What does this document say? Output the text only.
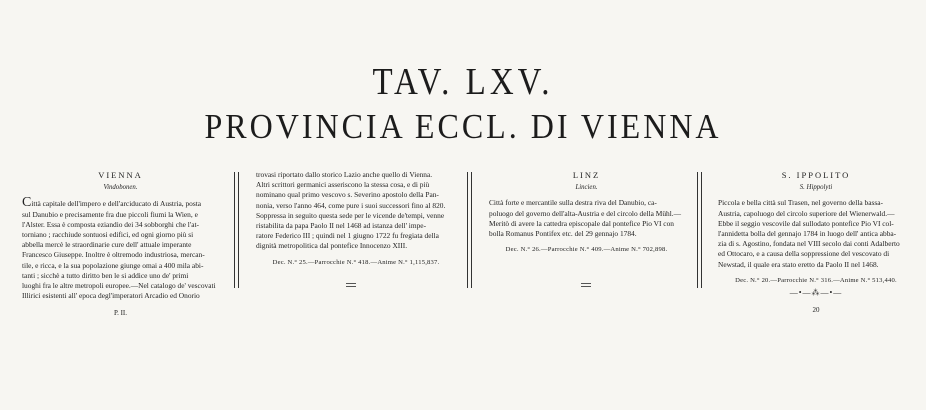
TAV. LXV.
PROVINCIA ECCL. DI VIENNA
VIENNA
Vindobonen.

Città capitale dell'impero e dell'arciducato di Austria, posta
sul Danubio e precisamente fra due piccoli fiumi la Wien, e
l'Alster. Essa è composta eziandio dei 34 sobborghi che l'at-
torniano ; racchiude sontuosi edifici, ed ogni giorno più si
abbella mercè le straordinarie cure dell' attuale imperante
Francesco Giuseppe. Inoltre è oltremodo industriosa, mercan-
tile, e ricca, e la sua popolazione giunge omai a 400 mila abi-
tanti ; sicchè a tutto diritto ben le si addice uno de' primi
luoghi fra le altre metropoli europee.—Nel catalogo de' vescovati
Illirici esistenti all' epoca degl'imperatori Arcadio ed Onorio

P. II.

trovasi riportato dallo storico Lazio anche quello di Vienna.
Altri scrittori germanici asseriscono la stessa cosa, e di più
nominano qual primo vescovo s. Severino apostolo della Pan-
nonia, verso l'anno 464, come pure i suoi successori fino al 820.
Soppressa in seguito questa sede per le vicende de'tempi, venne
ristabilita da papa Paolo II nel 1468 ad istanza dell' impe-
ratore Federico III ; quindi nel 1 giugno 1722 fu fregiata della
dignità metropolitica dal pontefice Innocenzo XIII.

Dec. N.° 25.—Parrocchie N.° 418.—Anime N.° 1,115,837.
LINZ
Lincien.

Città forte e mercantile sulla destra riva del Danubio, ca-
poluogo del governo dell'alta-Austria e del circolo della Mühl.—
Meritò di avere la cattedra episcopale dal pontefice Pio VI con
bolla Romanus Pontifex etc. del 29 gennajo 1784.

Dec. N.° 26.—Parrocchie N.° 409.—Anime N.° 702,898.
S. IPPOLITO
S. Hippolyti

Piccola e bella città sul Trasen, nel governo della bassa-
Austria, capoluogo del circolo superiore del Wienerwald.—
Ebbe il seggio vescovile dal sullodato pontefice Pio VI col-
l'annidetta bolla del gennajo 1784 in luogo dell' antica abba-
zia di s. Agostino, fondata nel VIII secolo dai conti Adalberto
ed Ottocaro, e a causa della soppressione del vescovato di
Newstad, il quale era stato eretto da Paolo II nel 1468.

Dec. N.° 20.—Parrocchie N.° 316.—Anime N.° 513,440.
—•—⁂—•—
20
